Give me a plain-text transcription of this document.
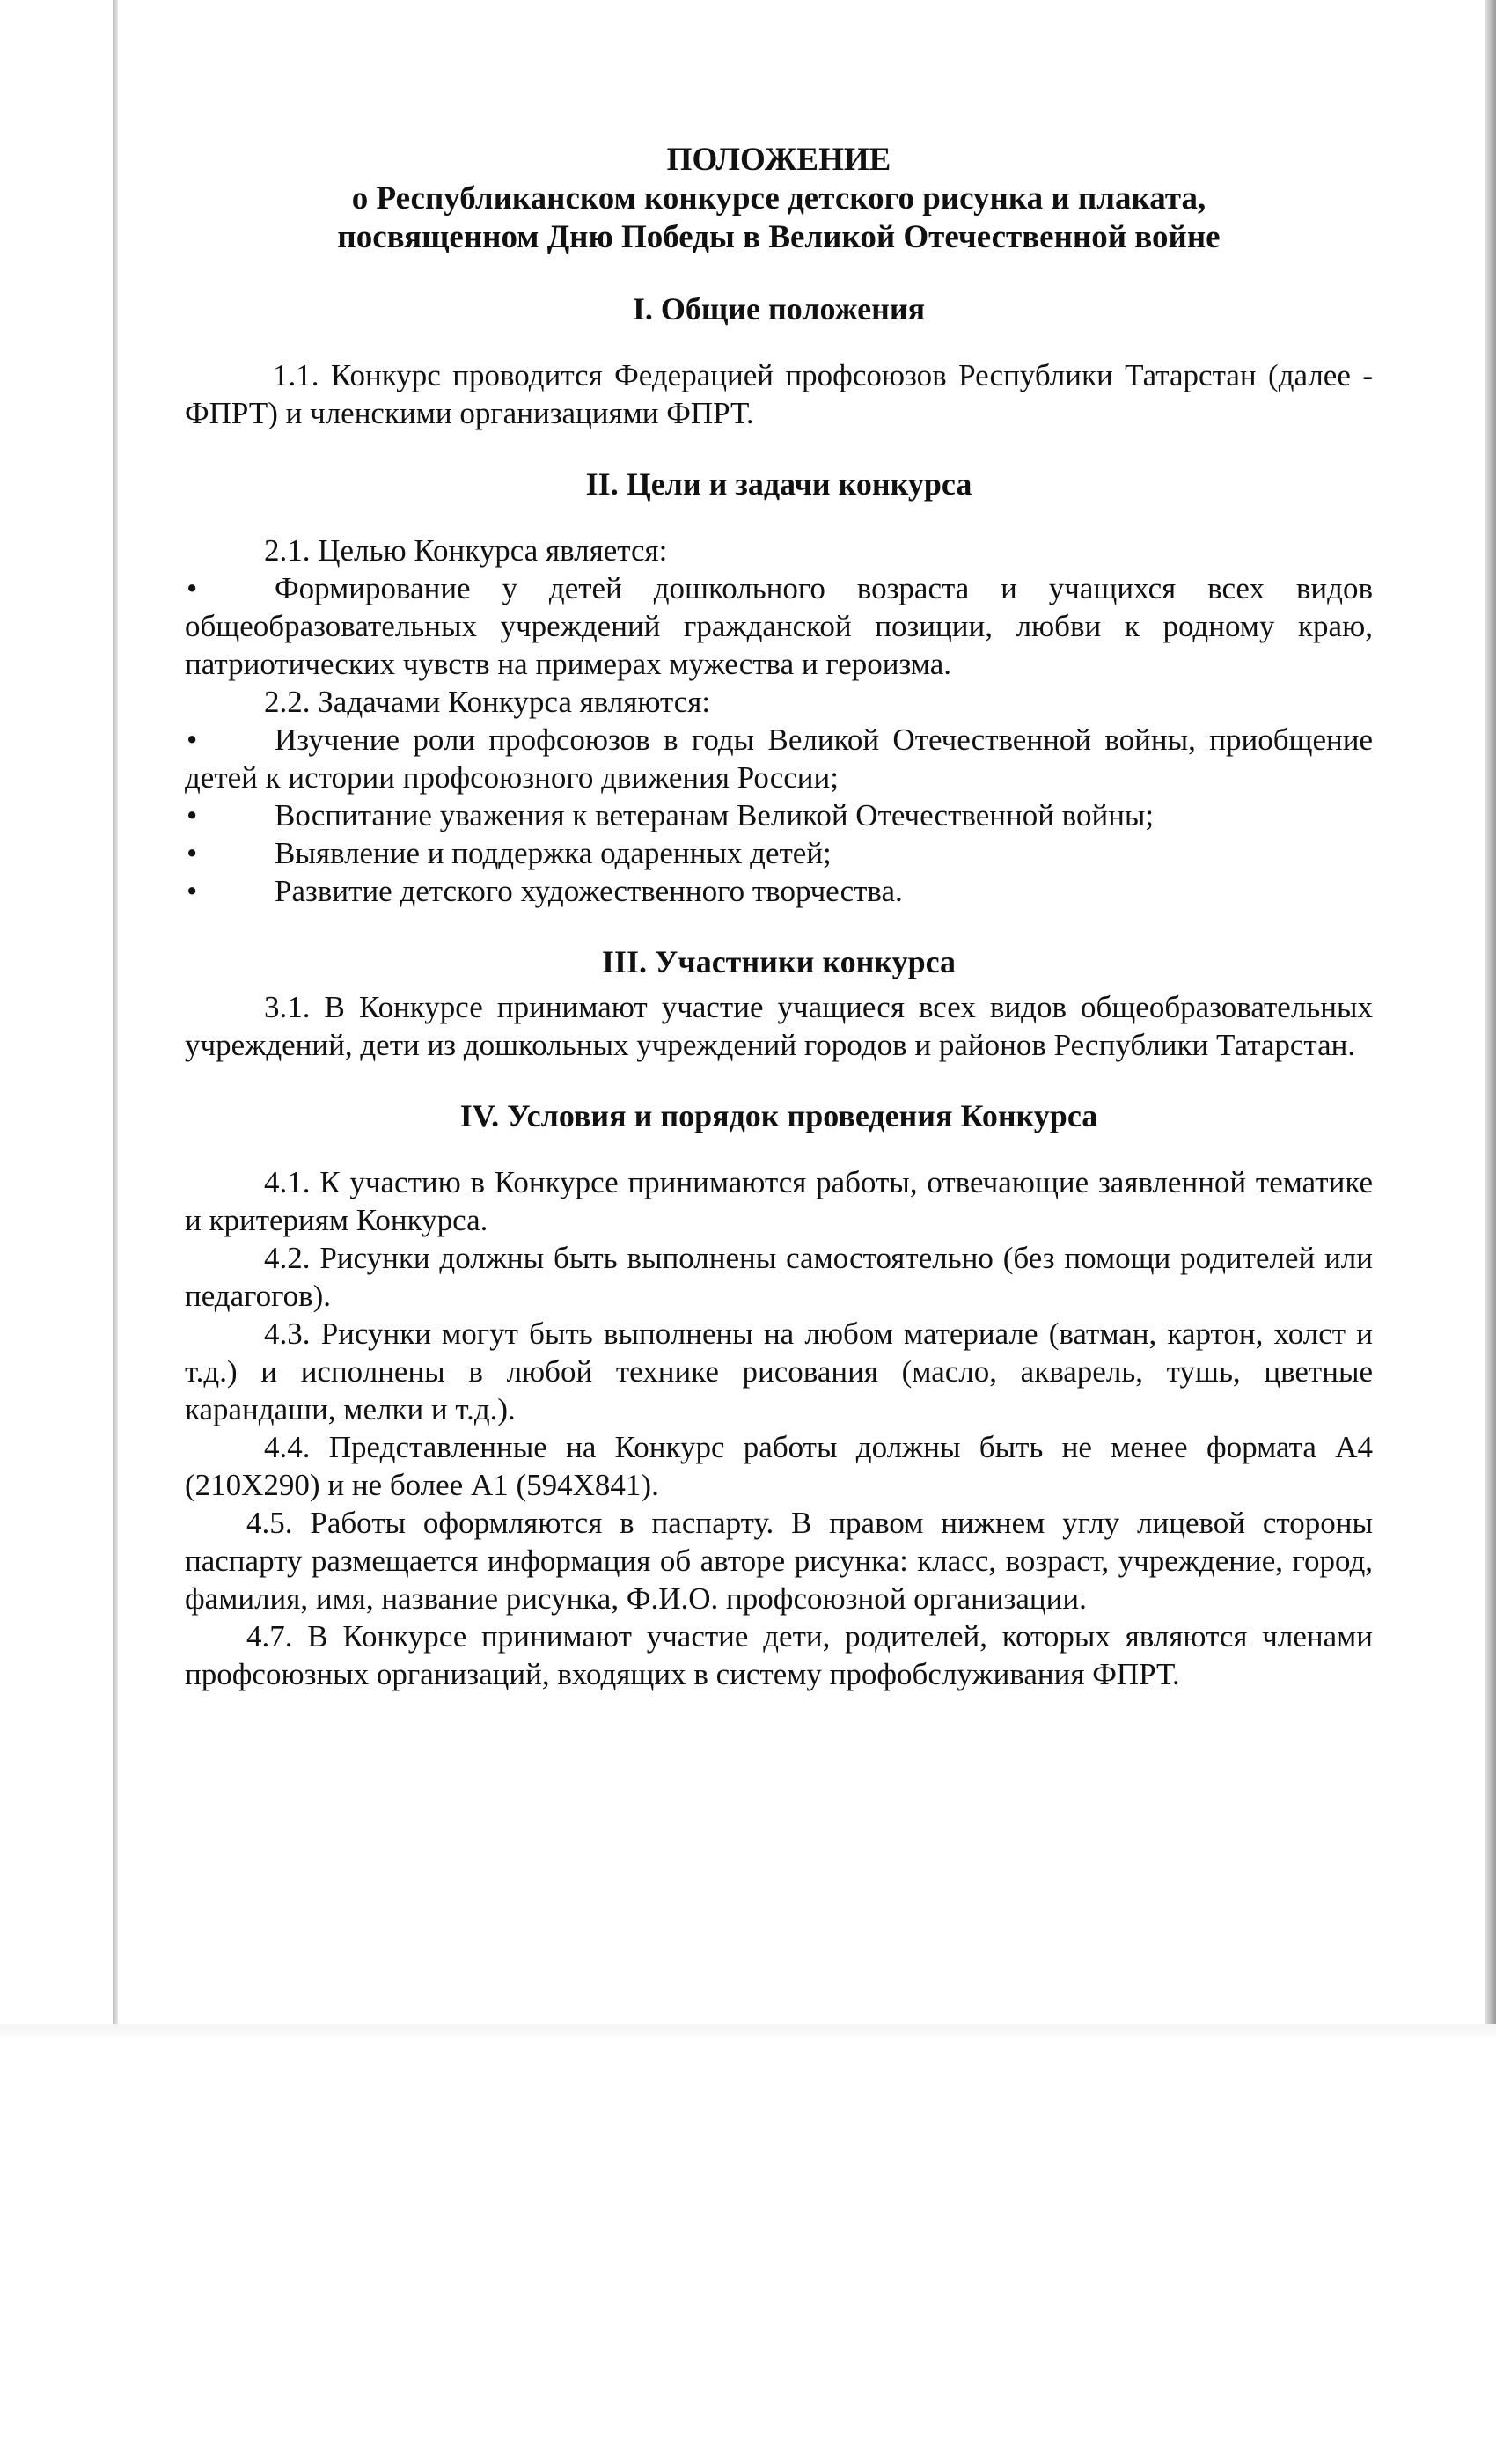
ПОЛОЖЕНИЕ
о Республиканском конкурсе детского рисунка и плаката,
посвященном Дню Победы в Великой Отечественной войне
I. Общие положения

1.1. Конкурс проводится Федерацией профсоюзов Республики Татарстан (далее - ФПРТ) и членскими организациями ФПРТ.

II. Цели и задачи конкурса

2.1. Целью Конкурса является:

•	Формирование у детей дошкольного возраста и учащихся всех видов общеобразовательных учреждений гражданской позиции, любви к родному краю, патриотических чувств на примерах мужества и героизма.

2.2. Задачами Конкурса являются:

•	Изучение роли профсоюзов в годы Великой Отечественной войны, приобщение детей к истории профсоюзного движения России;
•	Воспитание уважения к ветеранам Великой Отечественной войны;
•	Выявление и поддержка одаренных детей;
•	Развитие детского художественного творчества.
III. Участники конкурса

3.1. В Конкурсе принимают участие учащиеся всех видов общеобразовательных учреждений, дети из дошкольных учреждений городов и районов Республики Татарстан.

IV. Условия и порядок проведения Конкурса

4.1. К участию в Конкурсе принимаются работы, отвечающие заявленной тематике и критериям Конкурса.

4.2. Рисунки должны быть выполнены самостоятельно (без помощи родителей или педагогов).

4.3. Рисунки могут быть выполнены на любом материале (ватман, картон, холст и т.д.) и исполнены в любой технике рисования (масло, акварель, тушь, цветные карандаши, мелки и т.д.).

4.4. Представленные на Конкурс работы должны быть не менее формата А4 (210Х290) и не более А1 (594Х841).

4.5. Работы оформляются в паспарту. В правом нижнем углу лицевой стороны паспарту размещается информация об авторе рисунка: класс, возраст, учреждение, город, фамилия, имя, название рисунка, Ф.И.О. профсоюзной организации.

4.7. В Конкурсе принимают участие дети, родителей, которых являются членами профсоюзных организаций, входящих в систему профобслуживания ФПРТ.
